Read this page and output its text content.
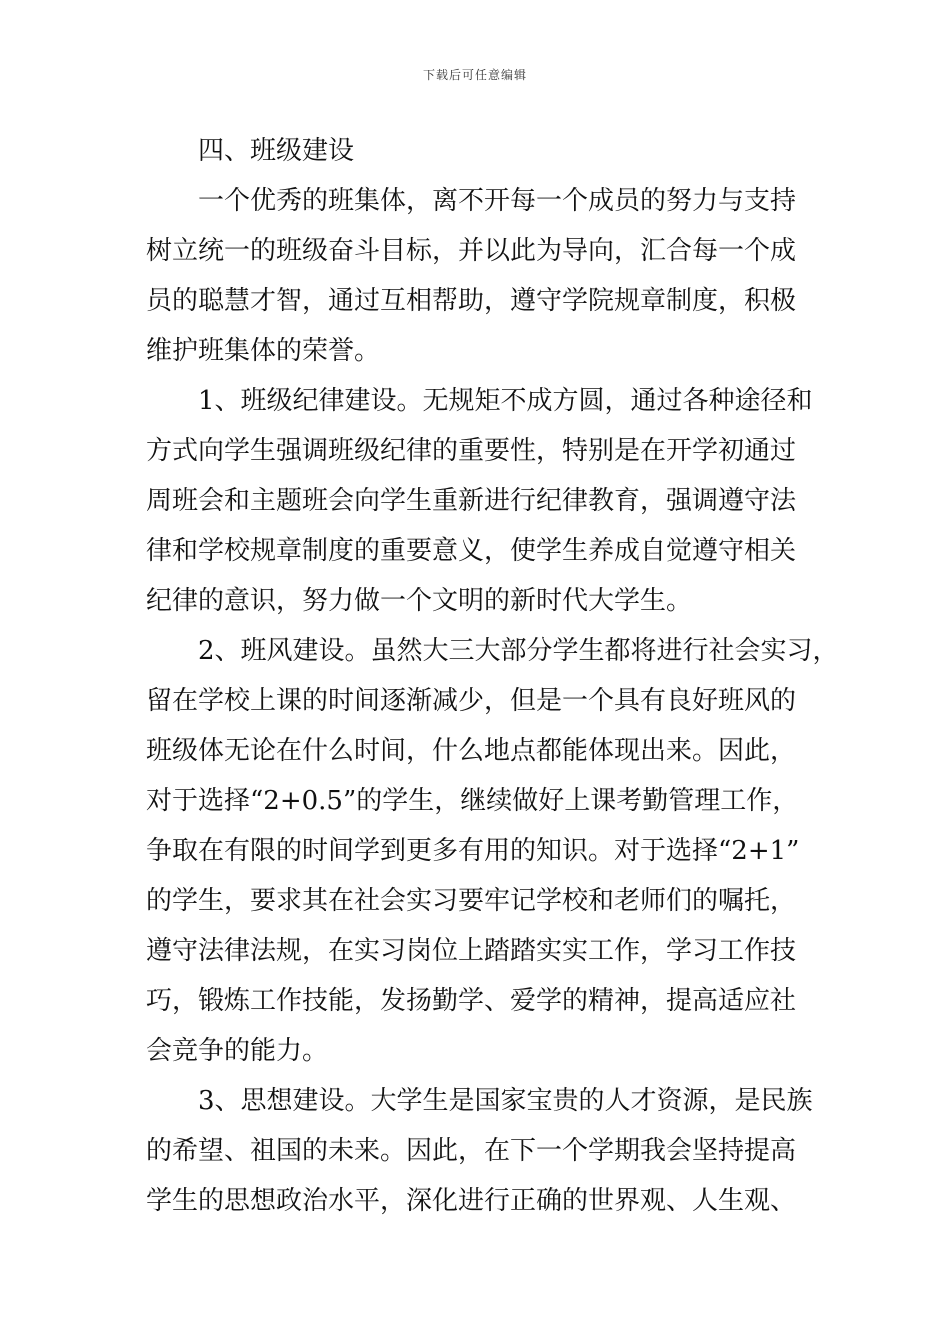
下载后可任意编辑
四、班级建设
一个优秀的班集体，离不开每一个成员的努力与支持
树立统一的班级奋斗目标，并以此为导向，汇合每一个成
员的聪慧才智，通过互相帮助，遵守学院规章制度，积极
维护班集体的荣誉。
1、班级纪律建设。无规矩不成方圆，通过各种途径和
方式向学生强调班级纪律的重要性，特别是在开学初通过
周班会和主题班会向学生重新进行纪律教育，强调遵守法
律和学校规章制度的重要意义，使学生养成自觉遵守相关
纪律的意识，努力做一个文明的新时代大学生。
2、班风建设。虽然大三大部分学生都将进行社会实习，
留在学校上课的时间逐渐减少，但是一个具有良好班风的
班级体无论在什么时间，什么地点都能体现出来。因此，
对于选择“2+0.5”的学生，继续做好上课考勤管理工作，
争取在有限的时间学到更多有用的知识。对于选择“2+1”
的学生，要求其在社会实习要牢记学校和老师们的嘱托，
遵守法律法规，在实习岗位上踏踏实实工作，学习工作技
巧，锻炼工作技能，发扬勤学、爱学的精神，提高适应社
会竞争的能力。
3、思想建设。大学生是国家宝贵的人才资源，是民族
的希望、祖国的未来。因此，在下一个学期我会坚持提高
学生的思想政治水平，深化进行正确的世界观、人生观、
